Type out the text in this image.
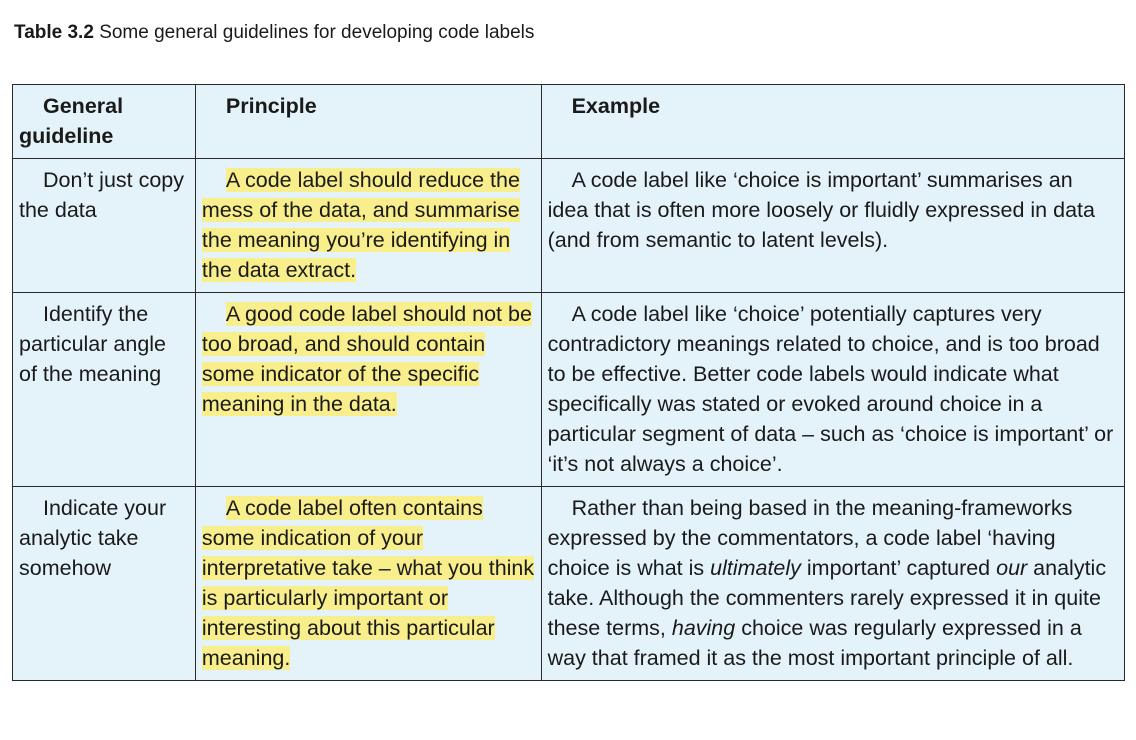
Table 3.2 Some general guidelines for developing code labels
General guideline	Principle	Example
Don’t just copy the data	A code label should reduce the mess of the data, and summarise the meaning you’re identifying in the data extract.	A code label like ‘choice is important’ summarises an idea that is often more loosely or fluidly expressed in data (and from semantic to latent levels).
Identify the particular angle of the meaning	A good code label should not be too broad, and should contain some indicator of the specific meaning in the data.	A code label like ‘choice’ potentially captures very contradictory meanings related to choice, and is too broad to be effective. Better code labels would indicate what specifically was stated or evoked around choice in a particular segment of data – such as ‘choice is important’ or ‘it’s not always a choice’.
Indicate your analytic take somehow	A code label often contains some indication of your interpretative take – what you think is particularly important or interesting about this particular meaning.	Rather than being based in the meaning-frameworks expressed by the commentators, a code label ‘having choice is what is ultimately important’ captured our analytic take. Although the commenters rarely expressed it in quite these terms, having choice was regularly expressed in a way that framed it as the most important principle of all.
